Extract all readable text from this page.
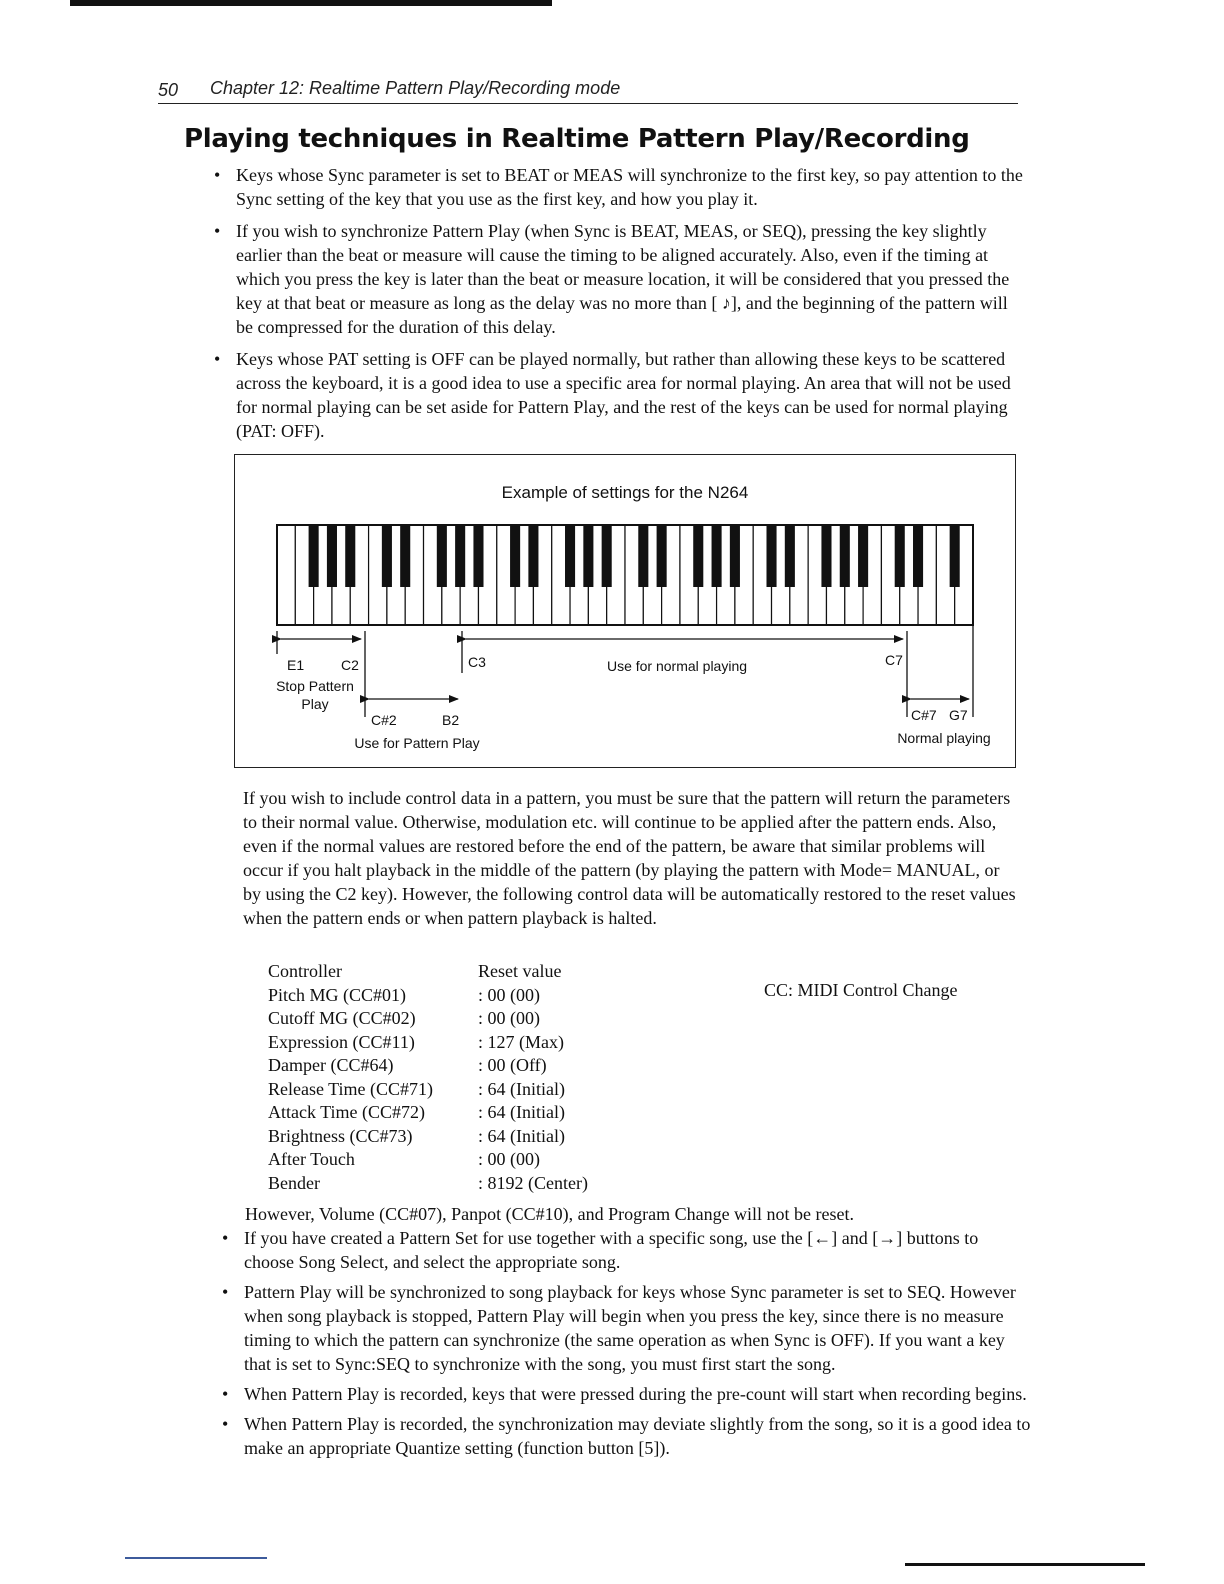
50 Chapter 12: Realtime Pattern Play/Recording mode
Playing techniques in Realtime Pattern Play/Recording
• Keys whose Sync parameter is set to BEAT or MEAS will synchronize to the first key, so pay attention to the Sync setting of the key that you use as the first key, and how you play it.
• If you wish to synchronize Pattern Play (when Sync is BEAT, MEAS, or SEQ), pressing the key slightly earlier than the beat or measure will cause the timing to be aligned accurately. Also, even if the timing at which you press the key is later than the beat or measure location, it will be considered that you pressed the key at that beat or measure as long as the delay was no more than [ ♪], and the beginning of the pattern will be compressed for the duration of this delay.
• Keys whose PAT setting is OFF can be played normally, but rather than allowing these keys to be scattered across the keyboard, it is a good idea to use a specific area for normal playing. An area that will not be used for normal playing can be set aside for Pattern Play, and the rest of the keys can be used for normal playing (PAT: OFF).
Example of settings for the N264
E1	C2
Stop Pattern
Play
C3	Use for normal playing	C7
C#2	B2
Use for Pattern Play
C#7 G7
Normal playing

If you wish to include control data in a pattern, you must be sure that the pattern will return the parameters to their normal value. Otherwise, modulation etc. will continue to be applied after the pattern ends. Also, even if the normal values are restored before the end of the pattern, be aware that similar problems will occur if you halt playback in the middle of the pattern (by playing the pattern with Mode= MANUAL, or by using the C2 key). However, the following control data will be automatically restored to the reset values when the pattern ends or when pattern playback is halted.

Controller	Reset value
Pitch MG (CC#01)	: 00 (00)
Cutoff MG (CC#02)	: 00 (00)
Expression (CC#11)	: 127 (Max)
Damper (CC#64)	: 00 (Off)
Release Time (CC#71)	: 64 (Initial)
Attack Time (CC#72)	: 64 (Initial)
Brightness (CC#73)	: 64 (Initial)
After Touch	: 00 (00)
Bender	: 8192 (Center)
CC: MIDI Control Change

However, Volume (CC#07), Panpot (CC#10), and Program Change will not be reset.

• If you have created a Pattern Set for use together with a specific song, use the [←] and [→] buttons to choose Song Select, and select the appropriate song.
• Pattern Play will be synchronized to song playback for keys whose Sync parameter is set to SEQ. However when song playback is stopped, Pattern Play will begin when you press the key, since there is no measure timing to which the pattern can synchronize (the same operation as when Sync is OFF). If you want a key that is set to Sync:SEQ to synchronize with the song, you must first start the song.
• When Pattern Play is recorded, keys that were pressed during the pre-count will start when recording begins.
• When Pattern Play is recorded, the synchronization may deviate slightly from the song, so it is a good idea to make an appropriate Quantize setting (function button [5]).
